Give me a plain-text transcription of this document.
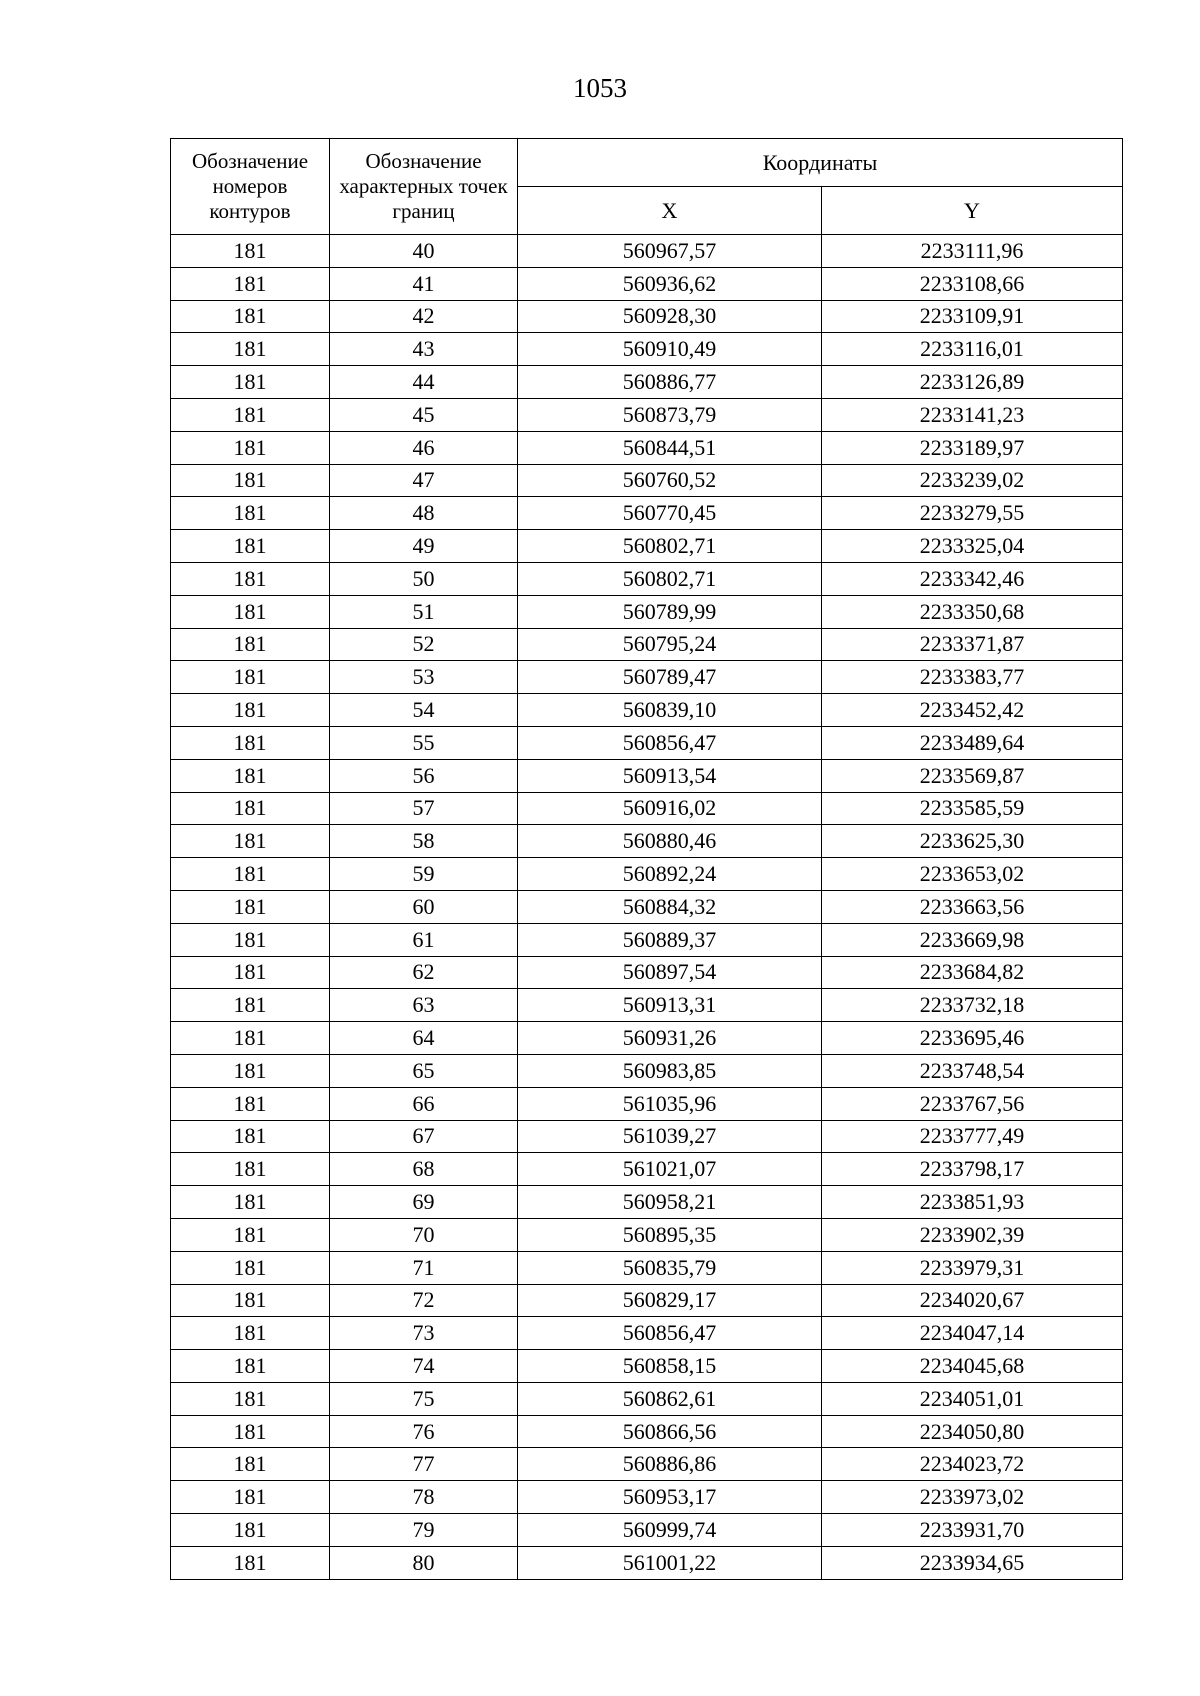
1053
Обозначение номеров контуров	Обозначение характерных точек границ	Координаты	
		X	Y
181	40	560967,57	2233111,96
181	41	560936,62	2233108,66
181	42	560928,30	2233109,91
181	43	560910,49	2233116,01
181	44	560886,77	2233126,89
181	45	560873,79	2233141,23
181	46	560844,51	2233189,97
181	47	560760,52	2233239,02
181	48	560770,45	2233279,55
181	49	560802,71	2233325,04
181	50	560802,71	2233342,46
181	51	560789,99	2233350,68
181	52	560795,24	2233371,87
181	53	560789,47	2233383,77
181	54	560839,10	2233452,42
181	55	560856,47	2233489,64
181	56	560913,54	2233569,87
181	57	560916,02	2233585,59
181	58	560880,46	2233625,30
181	59	560892,24	2233653,02
181	60	560884,32	2233663,56
181	61	560889,37	2233669,98
181	62	560897,54	2233684,82
181	63	560913,31	2233732,18
181	64	560931,26	2233695,46
181	65	560983,85	2233748,54
181	66	561035,96	2233767,56
181	67	561039,27	2233777,49
181	68	561021,07	2233798,17
181	69	560958,21	2233851,93
181	70	560895,35	2233902,39
181	71	560835,79	2233979,31
181	72	560829,17	2234020,67
181	73	560856,47	2234047,14
181	74	560858,15	2234045,68
181	75	560862,61	2234051,01
181	76	560866,56	2234050,80
181	77	560886,86	2234023,72
181	78	560953,17	2233973,02
181	79	560999,74	2233931,70
181	80	561001,22	2233934,65
